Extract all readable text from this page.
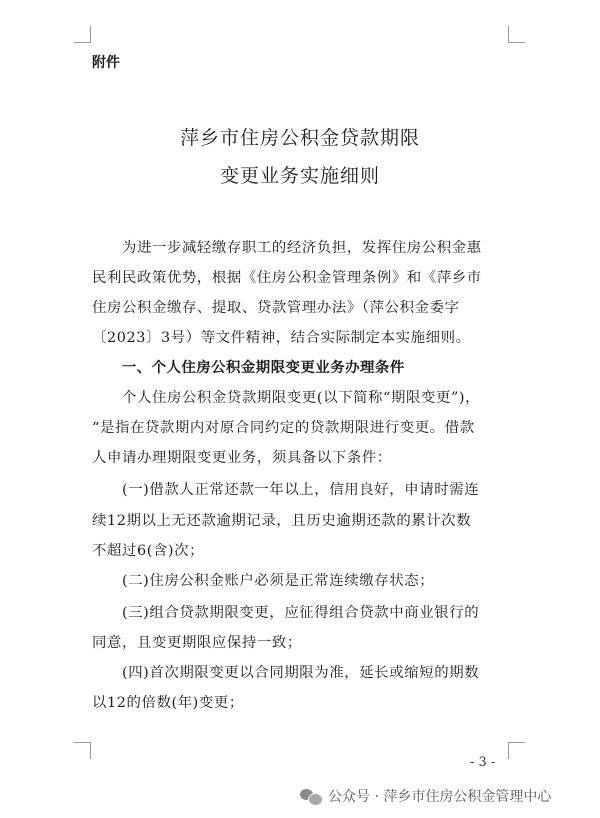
附件
萍乡市住房公积金贷款期限
变更业务实施细则
　　为进一步减轻缴存职工的经济负担，发挥住房公积金惠
民利民政策优势，根据《住房公积金管理条例》和《萍乡市
住房公积金缴存、提取、贷款管理办法》（萍公积金委字
〔2023〕3号）等文件精神，结合实际制定本实施细则。
　　一、个人住房公积金期限变更业务办理条件
　　个人住房公积金贷款期限变更(以下简称“期限变更”)，
“是指在贷款期内对原合同约定的贷款期限进行变更。借款
人申请办理期限变更业务，须具备以下条件：
　　(一)借款人正常还款一年以上，信用良好，申请时需连
续12期以上无还款逾期记录，且历史逾期还款的累计次数
不超过6(含)次；
　　(二)住房公积金账户必须是正常连续缴存状态；
　　(三)组合贷款期限变更，应征得组合贷款中商业银行的
同意，且变更期限应保持一致；
　　(四)首次期限变更以合同期限为准，延长或缩短的期数
以12的倍数(年)变更；
- 3 -
公众号 · 萍乡市住房公积金管理中心
